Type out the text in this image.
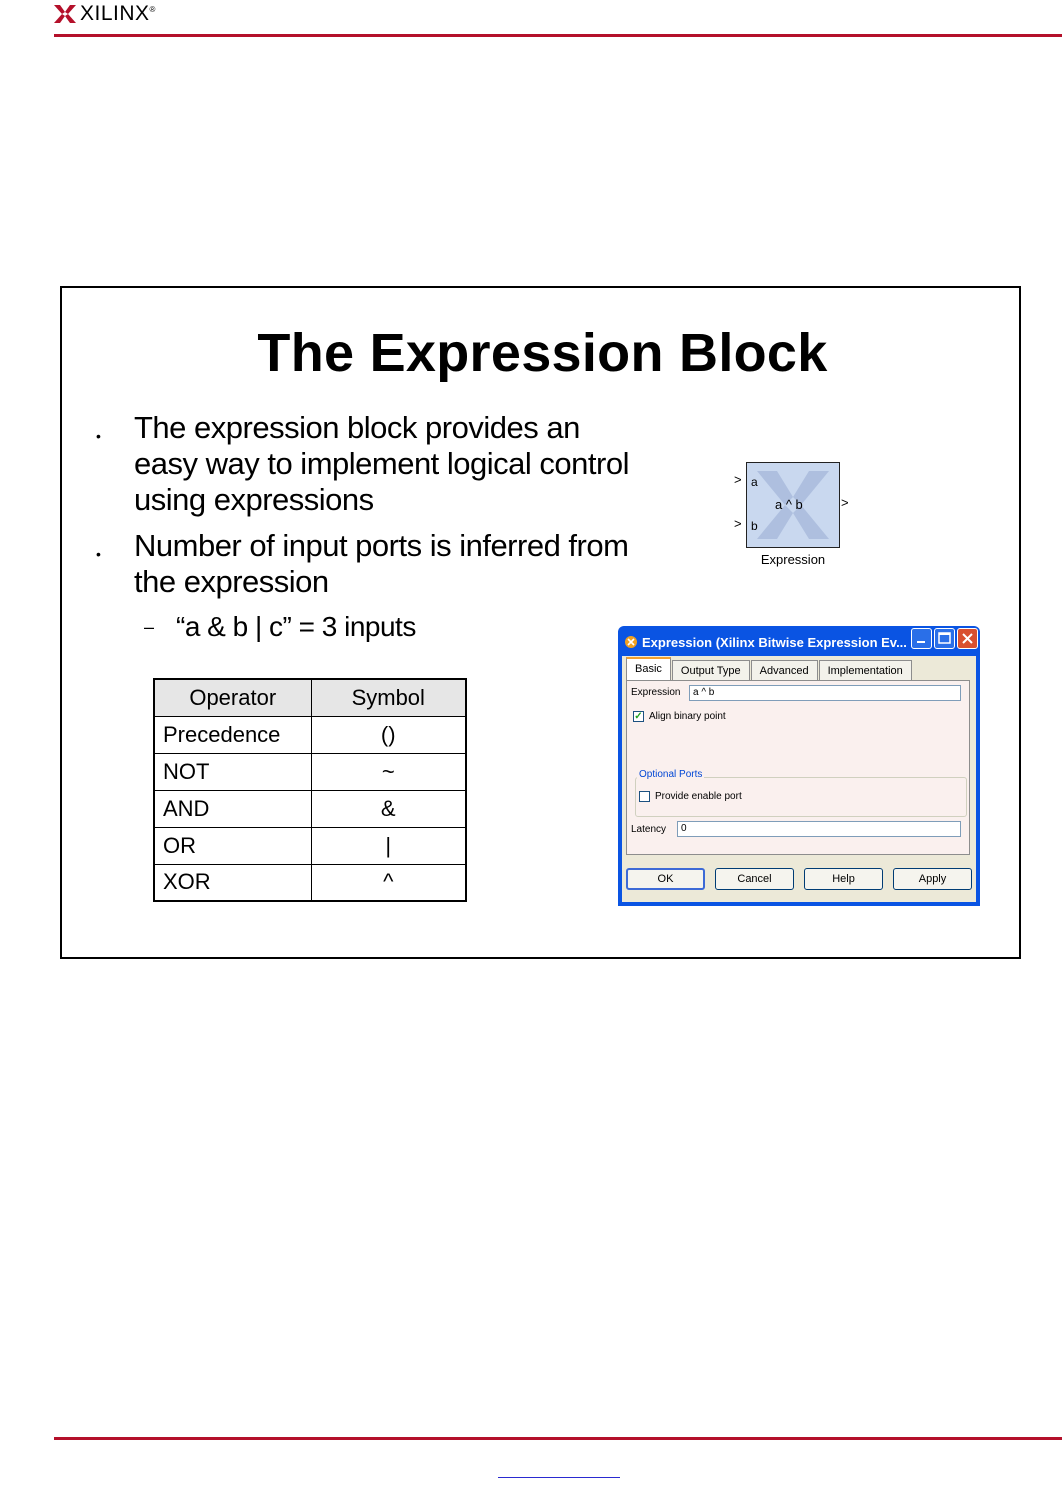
XILINX®
The Expression Block
• The expression block provides an easy way to implement logical control using expressions
• Number of input ports is inferred from the expression
– “a & b | c” = 3 inputs
Operator	Symbol
Precedence	()
NOT	~
AND	&
OR	|
XOR	^
a
b
a ^ b
>
>
>
Expression
Expression (Xilinx Bitwise Expression Ev...
Basic	Output Type	Advanced	Implementation
Expression	a ^ b
✓ Align binary point
Optional Ports
Provide enable port
Latency	0
OK	Cancel	Help	Apply
